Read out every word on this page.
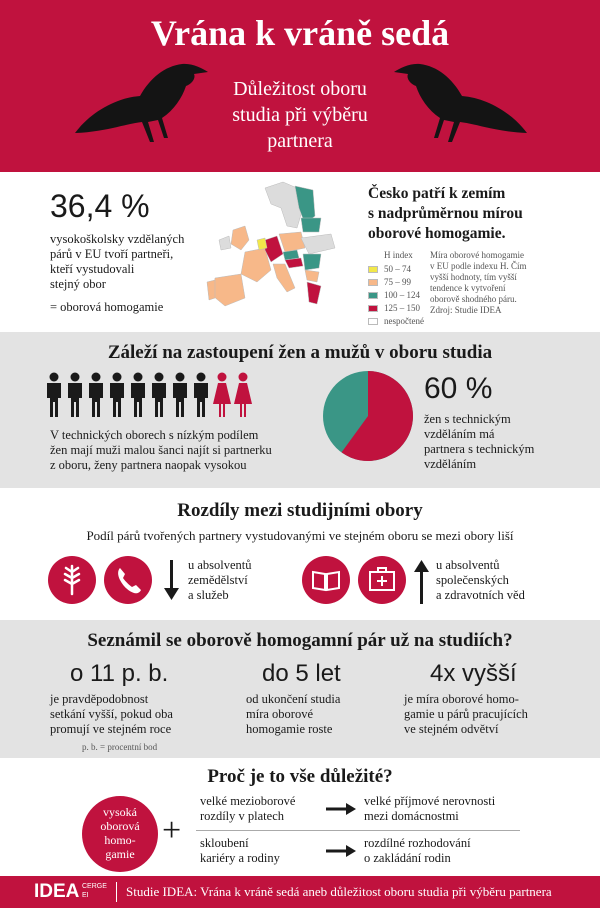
Vrána k vráně sedá
Důležitost oboru
studia při výběru
partnera
36,4 %
vysokoškolsky vzdělaných
párů v EU tvoří partneři,
kteří vystudovali
stejný obor
= oborová homogamie
Česko patří k zemím
s nadprůměrnou mírou
oborové homogamie.
H index
50 – 74
75 – 99
100 – 124
125 – 150
nespočtené
Míra oborové homogamie
v EU podle indexu H. Čím
vyšší hodnoty, tím vyšší
tendence k vytvoření
oborově shodného páru.
Zdroj: Studie IDEA
Záleží na zastoupení žen a mužů v oboru studia
V technických oborech s nízkým podílem
žen mají muži malou šanci najít si partnerku
z oboru, ženy partnera naopak vysokou
60 %
žen s technickým
vzděláním má
partnera s technickým
vzděláním
Rozdíly mezi studijními obory
Podíl párů tvořených partnery vystudovanými ve stejném oboru se mezi obory liší
u absolventů
zemědělství
a služeb
u absolventů
společenských
a zdravotních věd
Seznámil se oborově homogamní pár už na studiích?
o 11 p. b.
je pravděpodobnost
setkání vyšší, pokud oba
promují ve stejném roce
p. b. = procentní bod
do 5 let
od ukončení studia
míra oborové
homogamie roste
4x vyšší
je míra oborové homo-
gamie u párů pracujících
ve stejném odvětví
Proč je to vše důležité?
vysoká
oborová
homo-
gamie
+
velké mezioborové
rozdíly v platech
velké příjmové nerovnosti
mezi domácnostmi
skloubení
kariéry a rodiny
rozdílné rozhodování
o zakládání rodin
IDEA CERGE
EI	Studie IDEA: Vrána k vráně sedá aneb důležitost oboru studia při výběru partnera
